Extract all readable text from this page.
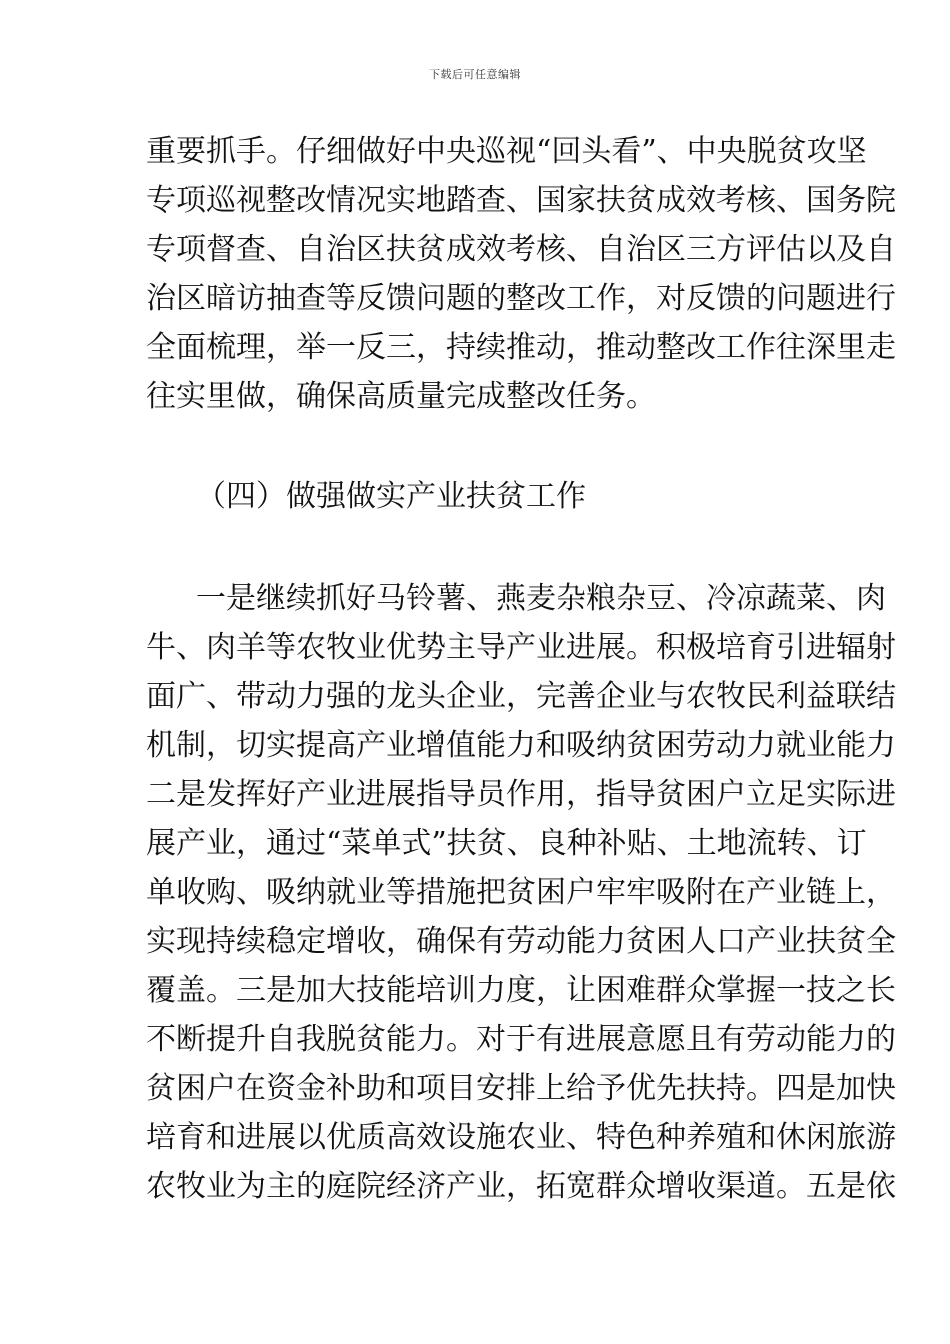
下载后可任意编辑
重要抓手。仔细做好中央巡视“回头看”、中央脱贫攻坚
专项巡视整改情况实地踏查、国家扶贫成效考核、国务院
专项督查、自治区扶贫成效考核、自治区三方评估以及自
治区暗访抽查等反馈问题的整改工作，对反馈的问题进行
全面梳理，举一反三，持续推动，推动整改工作往深里走
往实里做，确保高质量完成整改任务。
（四）做强做实产业扶贫工作
一是继续抓好马铃薯、燕麦杂粮杂豆、冷凉蔬菜、肉
牛、肉羊等农牧业优势主导产业进展。积极培育引进辐射
面广、带动力强的龙头企业，完善企业与农牧民利益联结
机制，切实提高产业增值能力和吸纳贫困劳动力就业能力
二是发挥好产业进展指导员作用，指导贫困户立足实际进
展产业，通过“菜单式”扶贫、良种补贴、土地流转、订
单收购、吸纳就业等措施把贫困户牢牢吸附在产业链上，
实现持续稳定增收，确保有劳动能力贫困人口产业扶贫全
覆盖。三是加大技能培训力度，让困难群众掌握一技之长
不断提升自我脱贫能力。对于有进展意愿且有劳动能力的
贫困户在资金补助和项目安排上给予优先扶持。四是加快
培育和进展以优质高效设施农业、特色种养殖和休闲旅游
农牧业为主的庭院经济产业，拓宽群众增收渠道。五是依
